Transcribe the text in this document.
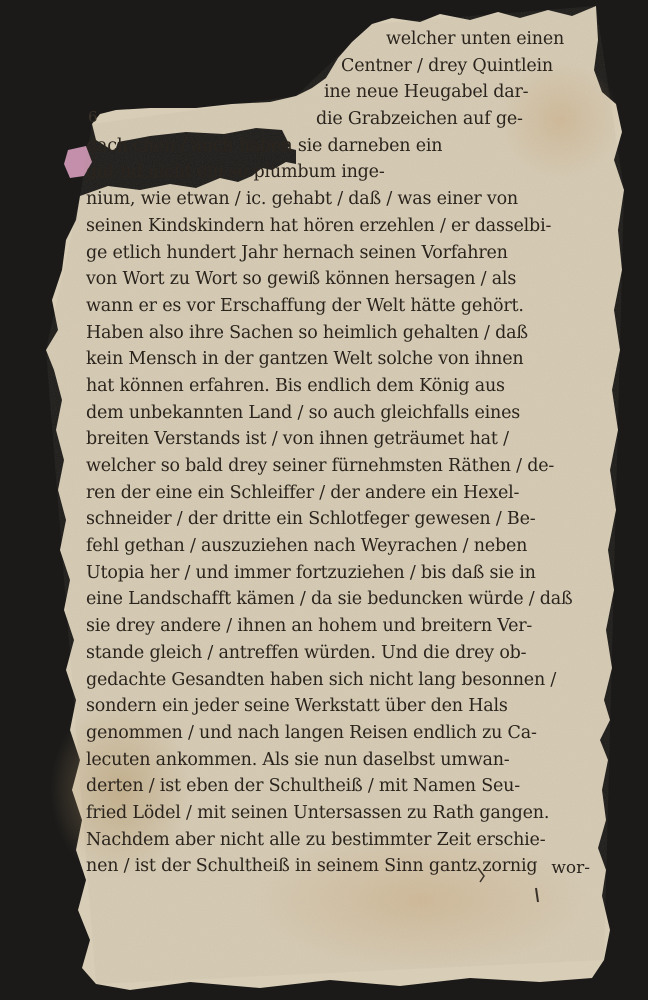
6
welcher unten einen
Centner / drey Quintlein
ine neue Heugabel dar-
die Grabzeichen auf ge-
dach chen / auch haben sie darneben ein
gut nd nicht ein so plumbum inge-
nium, wie etwan / ic. gehabt / daß / was einer von
seinen Kindskindern hat hören erzehlen / er dasselbi-
ge etlich hundert Jahr hernach seinen Vorfahren
von Wort zu Wort so gewiß können hersagen / als
wann er es vor Erschaffung der Welt hätte gehört.
Haben also ihre Sachen so heimlich gehalten / daß
kein Mensch in der gantzen Welt solche von ihnen
hat können erfahren. Bis endlich dem König aus
dem unbekannten Land / so auch gleichfalls eines
breiten Verstands ist / von ihnen geträumet hat /
welcher so bald drey seiner fürnehmsten Räthen / de-
ren der eine ein Schleiffer / der andere ein Hexel-
schneider / der dritte ein Schlotfeger gewesen / Be-
fehl gethan / auszuziehen nach Weyrachen / neben
Utopia her / und immer fortzuziehen / bis daß sie in
eine Landschafft kämen / da sie beduncken würde / daß
sie drey andere / ihnen an hohem und breitern Ver-
stande gleich / antreffen würden. Und die drey ob-
gedachte Gesandten haben sich nicht lang besonnen /
sondern ein jeder seine Werkstatt über den Hals
genommen / und nach langen Reisen endlich zu Ca-
lecuten ankommen. Als sie nun daselbst umwan-
derten / ist eben der Schultheiß / mit Namen Seu-
fried Lödel / mit seinen Untersassen zu Rath gangen.
Nachdem aber nicht alle zu bestimmter Zeit erschie-
nen / ist der Schultheiß in seinem Sinn gantz zornig wor-
